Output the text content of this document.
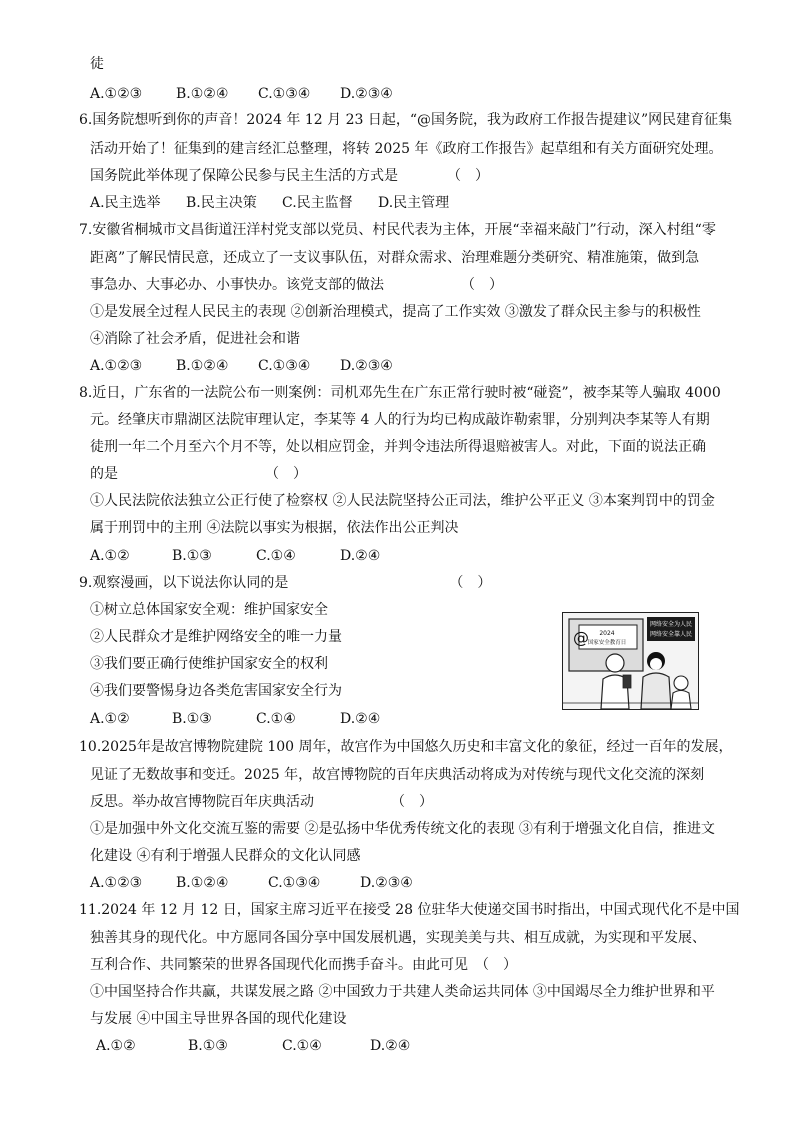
徒
A.①②③ B.①②④ C.①③④ D.②③④
6.国务院想听到你的声音！2024 年 12 月 23 日起，“@国务院，我为政府工作报告提建议”网民建育征集
活动开始了！征集到的建言经汇总整理，将转 2025 年《政府工作报告》起草组和有关方面研究处理。
国务院此举体现了保障公民参与民主生活的方式是　　　　（　）
A.民主选举 B.民主决策 C.民主监督 D.民主管理
7.安徽省桐城市文昌街道汪洋村党支部以党员、村民代表为主体，开展“幸福来敲门”行动，深入村组“零
距离”了解民情民意，还成立了一支议事队伍，对群众需求、治理难题分类研究、精准施策，做到急
事急办、大事必办、小事快办。该党支部的做法　　　　　　（　）
①是发展全过程人民民主的表现 ②创新治理模式，提高了工作实效 ③激发了群众民主参与的积极性
④消除了社会矛盾，促进社会和谐
A.①②③ B.①②④ C.①③④ D.②③④
8.近日，广东省的一法院公布一则案例：司机邓先生在广东正常行驶时被“碰瓷”，被李某等人骗取 4000
元。经肇庆市鼎湖区法院审理认定，李某等 4 人的行为均已构成敲诈勒索罪，分别判决李某等人有期
徒刑一年二个月至六个月不等，处以相应罚金，并判令违法所得退赔被害人。对此，下面的说法正确
的是　　　　　　　　　　　（　）
①人民法院依法独立公正行使了检察权 ②人民法院坚持公正司法，维护公平正义 ③本案判罚中的罚金
属于刑罚中的主刑 ④法院以事实为根据，依法作出公正判决
A.①②	B.①③	C.①④	D.②④
9.观察漫画，以下说法你认同的是　　　　　　　　　　　　（　）
①树立总体国家安全观：维护国家安全
②人民群众才是维护网络安全的唯一力量
③我们要正确行使维护国家安全的权利
④我们要警惕身边各类危害国家安全行为
A.①②	B.①③	C.①④	D.②④
@ 2024
国家安全教育日
网络安全为人民
网络安全靠人民
10.2025年是故宫博物院建院 100 周年，故宫作为中国悠久历史和丰富文化的象征，经过一百年的发展，
见证了无数故事和变迁。2025 年，故宫博物院的百年庆典活动将成为对传统与现代文化交流的深刻
反思。举办故宫博物院百年庆典活动　　　　　　（　）
①是加强中外文化交流互鉴的需要 ②是弘扬中华优秀传统文化的表现 ③有利于增强文化自信，推进文
化建设 ④有利于增强人民群众的文化认同感
A.①②③ B.①②④	C.①③④	D.②③④
11.2024 年 12 月 12 日，国家主席习近平在接受 28 位驻华大使递交国书时指出，中国式现代化不是中国
独善其身的现代化。中方愿同各国分享中国发展机遇，实现美美与共、相互成就，为实现和平发展、
互利合作、共同繁荣的世界各国现代化而携手奋斗。由此可见　（　）
①中国坚持合作共赢，共谋发展之路 ②中国致力于共建人类命运共同体 ③中国竭尽全力维护世界和平
与发展 ④中国主导世界各国的现代化建设
A.①②	B.①③	C.①④	D.②④
